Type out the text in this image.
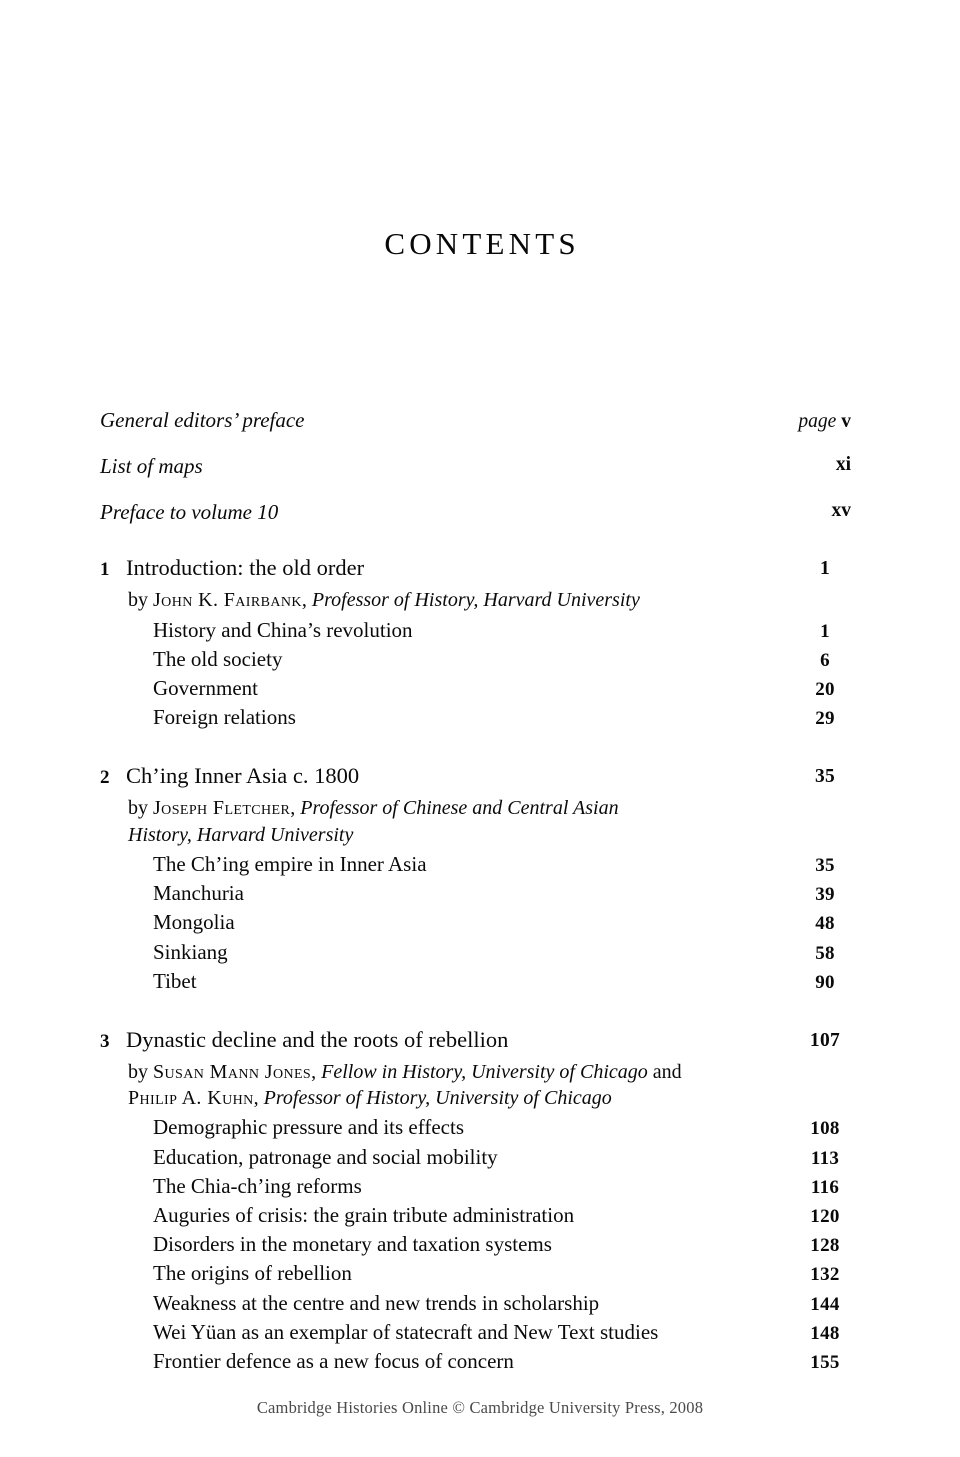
CONTENTS
General editors’ preface	page v
List of maps	xi
Preface to volume 10	xv
1 Introduction: the old order	1
by John K. Fairbank, Professor of History, Harvard University
History and China’s revolution	1
The old society	6
Government	20
Foreign relations	29
2 Ch’ing Inner Asia c. 1800	35
by Joseph Fletcher, Professor of Chinese and Central Asian
History, Harvard University
The Ch’ing empire in Inner Asia	35
Manchuria	39
Mongolia	48
Sinkiang	58
Tibet	90
3 Dynastic decline and the roots of rebellion	107
by Susan Mann Jones, Fellow in History, University of Chicago and
Philip A. Kuhn, Professor of History, University of Chicago
Demographic pressure and its effects	108
Education, patronage and social mobility	113
The Chia-ch’ing reforms	116
Auguries of crisis: the grain tribute administration	120
Disorders in the monetary and taxation systems	128
The origins of rebellion	132
Weakness at the centre and new trends in scholarship	144
Wei Yüan as an exemplar of statecraft and New Text studies	148
Frontier defence as a new focus of concern	155
Cambridge Histories Online © Cambridge University Press, 2008
